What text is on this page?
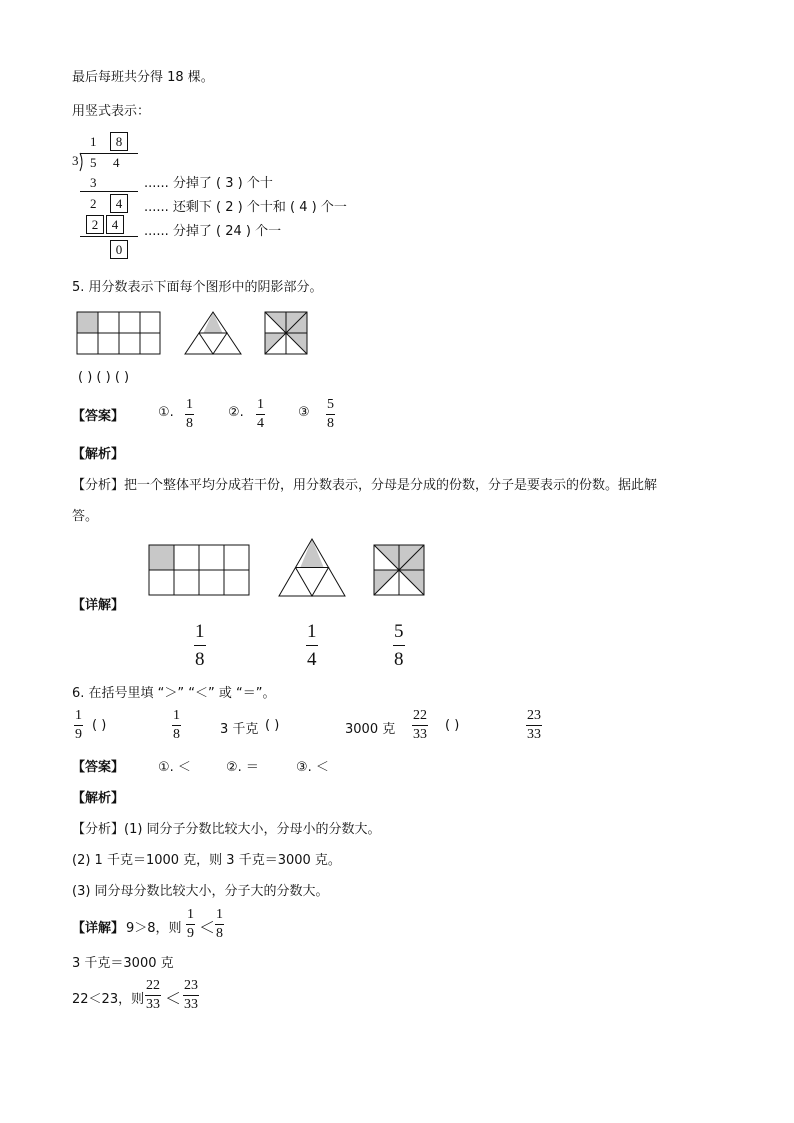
最后每班共分得 18 棵。
用竖式表示：
1	8
3 5 4
3	...... 分掉了 ( 3 ) 个十
2	4	...... 还剩下 ( 2 ) 个十和 ( 4 ) 个一
2	4	...... 分掉了 ( 24 ) 个一
0
5. 用分数表示下面每个图形中的阴影部分。
( ) ( ) ( )
【答案】	①.
1
8
②.
1
4
③
5
8
【解析】
【分析】把一个整体平均分成若干份，用分数表示，分母是分成的份数，分子是要表示的份数。据此解
答。
【详解】
1
8
1
4
5
8
6. 在括号里填 “＞” “＜” 或 “＝”。
1
9
( )
1
8	3 千克 ( )	3000 克
22
33
( )
23
33
【答案】	①. ＜	②. ＝	③. ＜
【解析】
【分析】(1) 同分子分数比较大小，分母小的分数大。
(2) 1 千克＝1000 克，则 3 千克＝3000 克。
(3) 同分母分数比较大小，分子大的分数大。
【详解】 9＞8，则
1
9 ＜
1
8
3 千克＝3000 克
22＜23，则
22
33 ＜
23
33
